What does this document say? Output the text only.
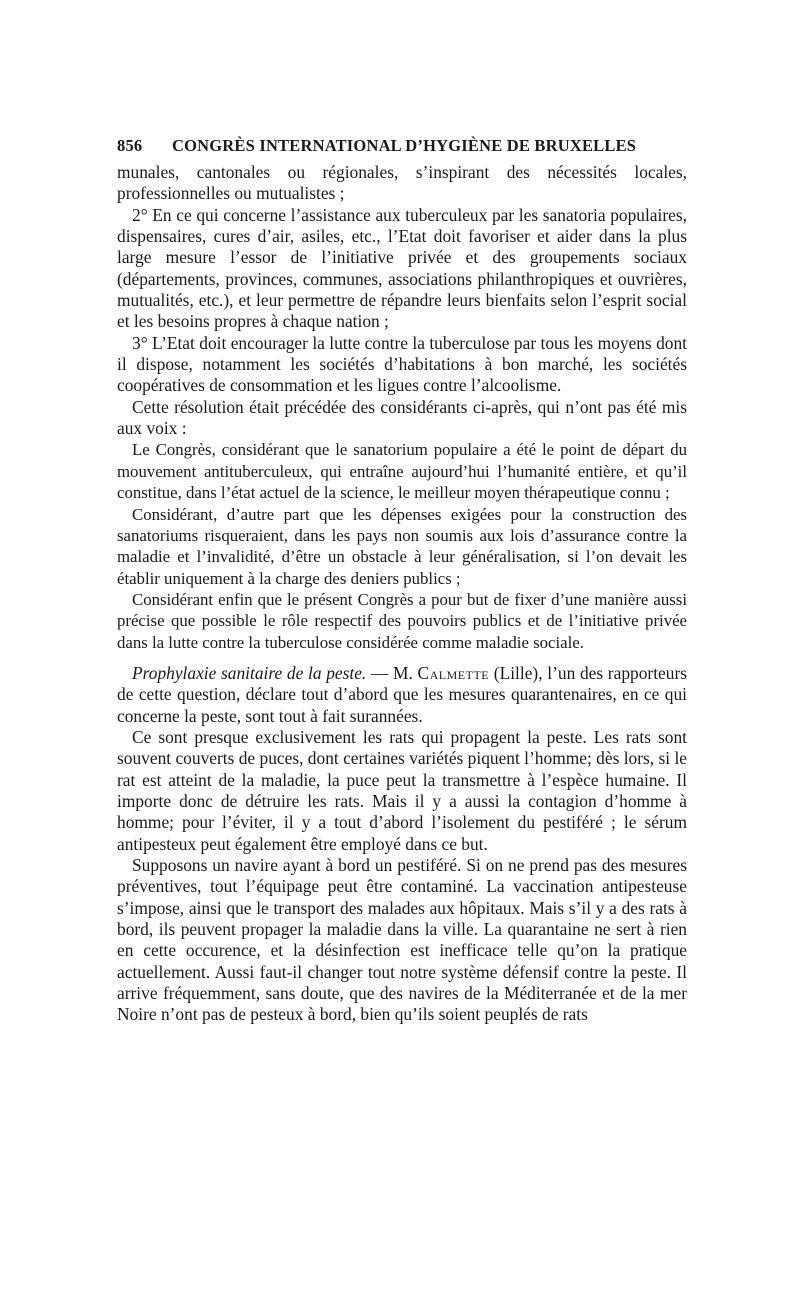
856	CONGRÈS INTERNATIONAL D’HYGIÈNE DE BRUXELLES

munales, cantonales ou régionales, s’inspirant des nécessités locales, professionnelles ou mutualistes ;

2° En ce qui concerne l’assistance aux tuberculeux par les sanatoria populaires, dispensaires, cures d’air, asiles, etc., l’Etat doit favoriser et aider dans la plus large mesure l’essor de l’initiative privée et des groupements sociaux (départements, provinces, communes, associations philanthropiques et ouvrières, mutualités, etc.), et leur permettre de répandre leurs bienfaits selon l’esprit social et les besoins propres à chaque nation ;

3° L’Etat doit encourager la lutte contre la tuberculose par tous les moyens dont il dispose, notamment les sociétés d’habitations à bon marché, les sociétés coopératives de consommation et les ligues contre l’alcoolisme.

Cette résolution était précédée des considérants ci-après, qui n’ont pas été mis aux voix :

Le Congrès, considérant que le sanatorium populaire a été le point de départ du mouvement antituberculeux, qui entraîne aujourd’hui l’humanité entière, et qu’il constitue, dans l’état actuel de la science, le meilleur moyen thérapeutique connu ;

Considérant, d’autre part que les dépenses exigées pour la construction des sanatoriums risqueraient, dans les pays non soumis aux lois d’assurance contre la maladie et l’invalidité, d’être un obstacle à leur généralisation, si l’on devait les établir uniquement à la charge des deniers publics ;

Considérant enfin que le présent Congrès a pour but de fixer d’une manière aussi précise que possible le rôle respectif des pouvoirs publics et de l’initiative privée dans la lutte contre la tuberculose considérée comme maladie sociale.

Prophylaxie sanitaire de la peste. — M. Calmette (Lille), l’un des rapporteurs de cette question, déclare tout d’abord que les mesures quarantenaires, en ce qui concerne la peste, sont tout à fait surannées.

Ce sont presque exclusivement les rats qui propagent la peste. Les rats sont souvent couverts de puces, dont certaines variétés piquent l’homme; dès lors, si le rat est atteint de la maladie, la puce peut la transmettre à l’espèce humaine. Il importe donc de détruire les rats. Mais il y a aussi la contagion d’homme à homme; pour l’éviter, il y a tout d’abord l’isolement du pestiféré ; le sérum antipesteux peut également être employé dans ce but.

Supposons un navire ayant à bord un pestiféré. Si on ne prend pas des mesures préventives, tout l’équipage peut être contaminé. La vaccination antipesteuse s’impose, ainsi que le transport des malades aux hôpitaux. Mais s’il y a des rats à bord, ils peuvent propager la maladie dans la ville. La quarantaine ne sert à rien en cette occurence, et la désinfection est inefficace telle qu’on la pratique actuellement. Aussi faut-il changer tout notre système défensif contre la peste. Il arrive fréquemment, sans doute, que des navires de la Méditerranée et de la mer Noire n’ont pas de pesteux à bord, bien qu’ils soient peuplés de rats
